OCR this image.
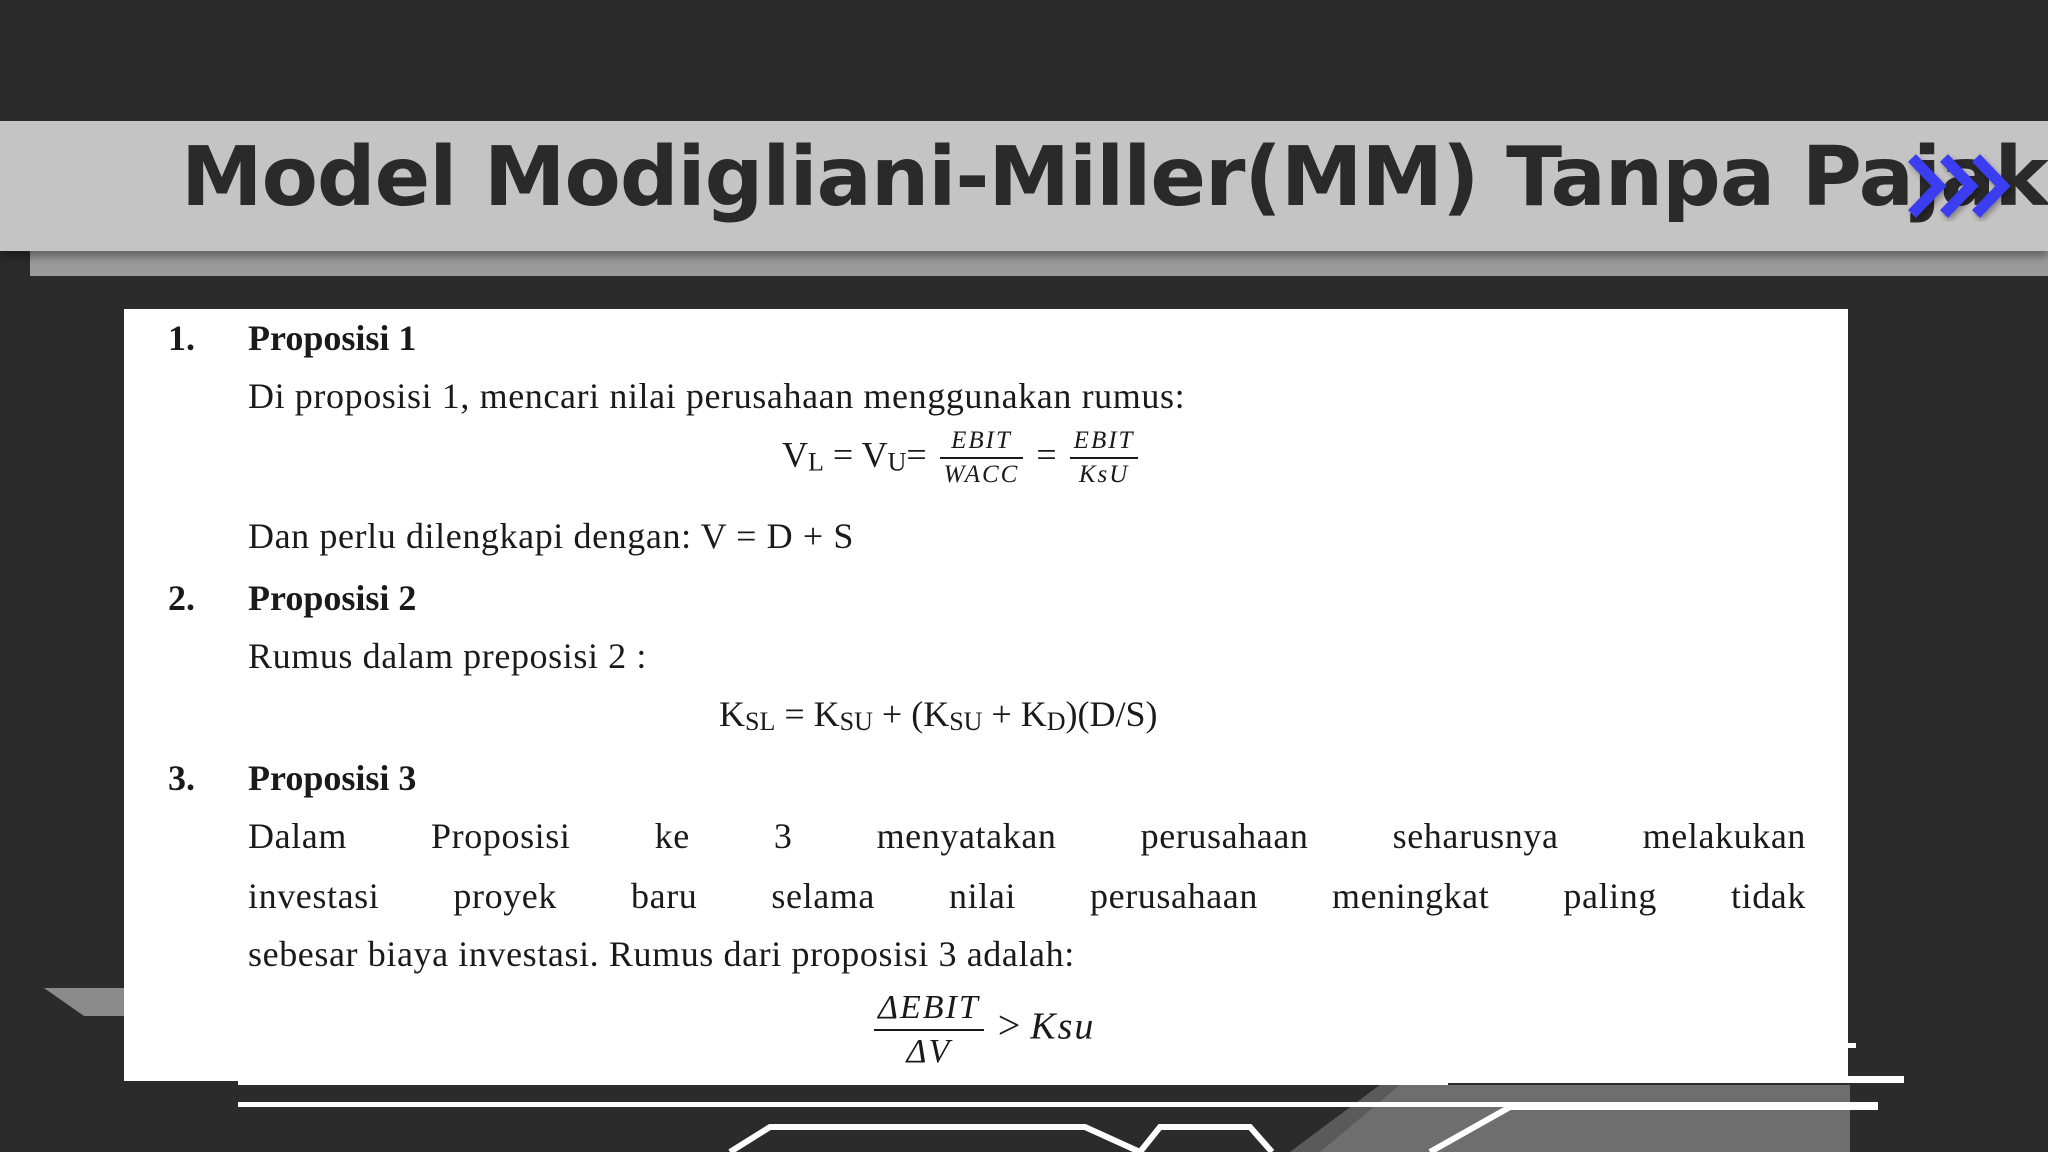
Model Modigliani-Miller(MM) Tanpa Pajak
1. Proposisi 1
Di proposisi 1, mencari nilai perusahaan menggunakan rumus:
$V_L = V_U= \frac{\text{EBIT}}{\text{WACC}} = \frac{\text{EBIT}}{\text{KsU}}$
Dan perlu dilengkapi dengan: V = D + S
2. Proposisi 2
Rumus dalam preposisi 2 :
$K_{SL} = K_{SU} + (K_{SU} + K_D)(D/S)$
3. Proposisi 3
Dalam Proposisi ke 3 menyatakan perusahaan seharusnya melakukan
investasi proyek baru selama nilai perusahaan meningkat paling tidak
sebesar biaya investasi. Rumus dari proposisi 3 adalah:
$\frac{\text{ΔEBIT}}{\Delta V}$ > Ksu
